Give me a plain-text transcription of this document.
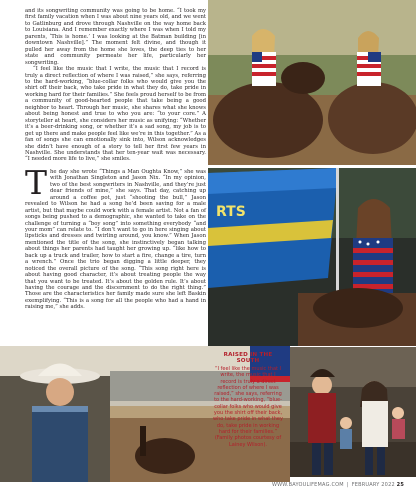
and its songwriting community was going to be home. “I took my first family vacation when I was about nine years old, and we went to Gatlinburg and drove through Nashville on the way home back to Louisiana. And I remember exactly where I was when I told my parents, ‘This is home.’ I was looking at the Batman building [in downtown Nashville].” The moment felt divine, and though it pulled her away from the home she loves, the deep ties to her state and community permeate her life, particularly her songwriting.

“I feel like the music that I write, the music that I record is truly a direct reflection of where I was raised,” she says, referring to the hard-working, “blue-collar folks who would give you the shirt off their back, who take pride in what they do, take pride in working hard for their families.” She feels proud herself to be from a community of good-hearted people that take being a good neighbor to heart. Through her music, she shares what she knows about being honest and true to who you are: “to your core.” A storyteller at heart, she considers her music as unifying: “Whether it’s a beer-drinking song, or whether it’s a sad song, my job is to get up there and make people feel like we’re in this together.” As a fan of songs she can emotionally sink into, Wilson acknowledges she didn’t have enough of a story to tell her first few years in Nashville. She understands that her ten-year wait was necessary. “I needed more life to live,” she smiles.

The day she wrote “Things a Man Oughta Know,” she was with Jonathan Singleton and Jason Nix. “In my opinion, two of the best songwriters in Nashville, and they’re just dear friends of mine,” she says. That day, catching up around a coffee pot, just “shooting the bull,” Jason revealed to Wilson he had a song he’d been saving for a male artist, but that maybe could work with a female artist. Not a fan of songs being pushed to a demographic, she wanted to take on the challenge of turning a “boy song” into something everybody “and your mom” can relate to. “I don’t want to go in here singing about lipsticks and dresses and twirling around, you know.” When Jason mentioned the title of the song, she instinctively began talking about things her parents had taught her growing up. “like how to back up a truck and trailer, how to start a fire, change a tire, turn a wrench.” Once the trio began digging a little deeper, they noticed the overall picture of the song. “This song right here is about having good character, it’s about treating people the way that you want to be treated. It’s about the golden rule. It’s about having the courage and the discernment to do the right thing.” Those are the characteristics her family made sure she left Baskin exemplifying. “This is a song for all the people who had a hand in raising me,” she adds.

RTS
RAISED IN THE SOUTH
“I feel like the music that I write, the music that I record is truly a direct reflection of where I was raised,” she says, referring to the hard-working, “blue-collar folks who would give you the shirt off their back, who take pride in what they do, take pride in working hard for their families.” (Family photos courtesy of Lainey Wilson).
WWW.BAYOULIFEMAG.COM | FEBRUARY 2022 25
